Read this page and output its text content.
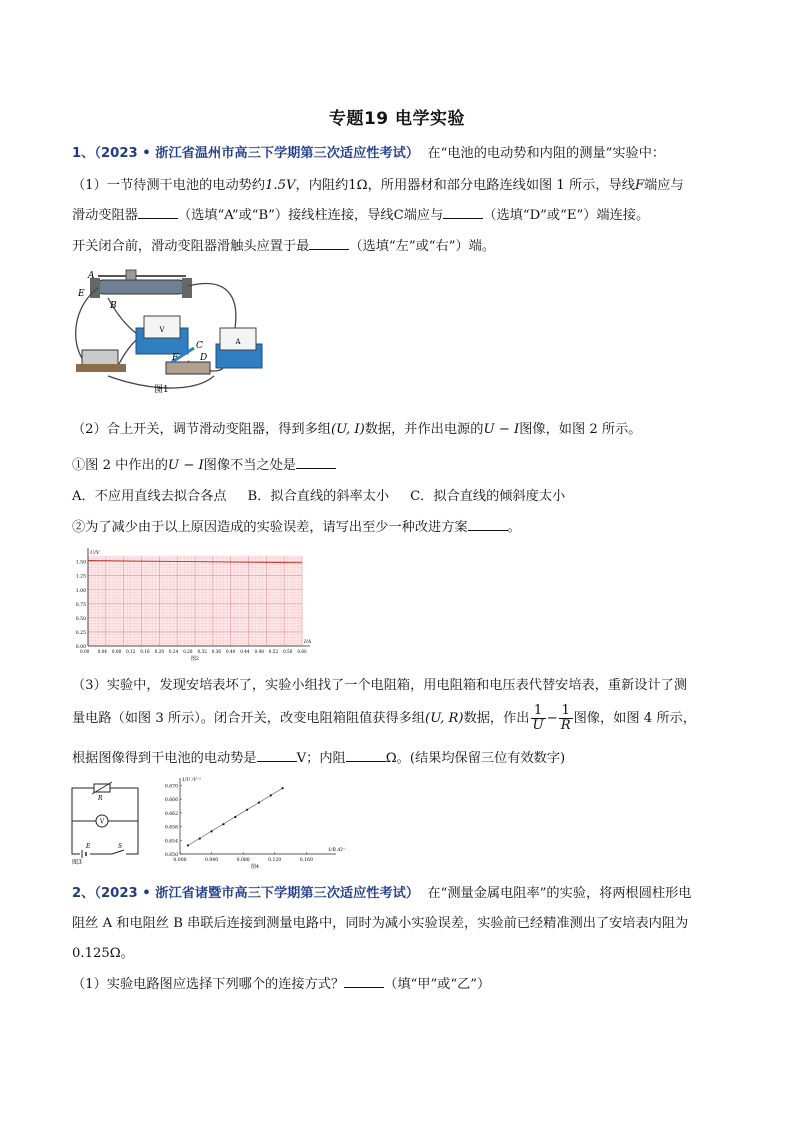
专题19 电学实验
1、（2023 • 浙江省温州市高三下学期第三次适应性考试） 在“电池的电动势和内阻的测量”实验中：
（1）一节待测干电池的电动势约1.5V，内阻约1Ω，所用器材和部分电路连线如图 1 所示，导线F端应与
滑动变阻器	（选填“A”或“B”）接线柱连接，导线C端应与	（选填“D”或“E”）端连接。
开关闭合前，滑动变阻器滑触头应置于最	（选填“左”或“右”）端。
V
A
A
E
B
C
D
F
图1
（2）合上开关，调节滑动变阻器，得到多组(U, I)数据，并作出电源的U − I图像，如图 2 所示。
①图 2 中作出的U − I图像不当之处是
A．不应用直线去拟合各点     B．拟合直线的斜率太小     C．拟合直线的倾斜度太小
②为了减少由于以上原因造成的实验误差，请写出至少一种改进方案	。
0.00
0.25
0.50
0.75
1.00
1.25
1.50
0.04 0.08 0.12 0.16 0.20 0.24 0.28 0.32 0.36 0.40 0.44 0.48 0.52 0.56 0.60
0.00
U/V
I/A
图2
（3）实验中，发现安培表坏了，实验小组找了一个电阻箱，用电阻箱和电压表代替安培表，重新设计了测
量电路（如图 3 所示）。闭合开关，改变电阻箱阻值获得多组(U, R)数据，作出 $\frac{1}{U} - \frac{1}{R}$ 图像，如图 4 所示，
根据图像得到干电池的电动势是	V；内阻	Ω。(结果均保留三位有效数字)
R
V
E	S
图3
0.650
0.654
0.658
0.662
0.666
0.670
0.000	0.040	0.080	0.120	0.160
1/U /V⁻¹
1/R /Ω⁻¹
图4
2、（2023 • 浙江省诸暨市高三下学期第三次适应性考试） 在“测量金属电阻率”的实验，将两根圆柱形电
阻丝 A 和电阻丝 B 串联后连接到测量电路中，同时为减小实验误差，实验前已经精准测出了安培表内阻为
0.125Ω。
（1）实验电路图应选择下列哪个的连接方式？	（填“甲”或“乙”）
